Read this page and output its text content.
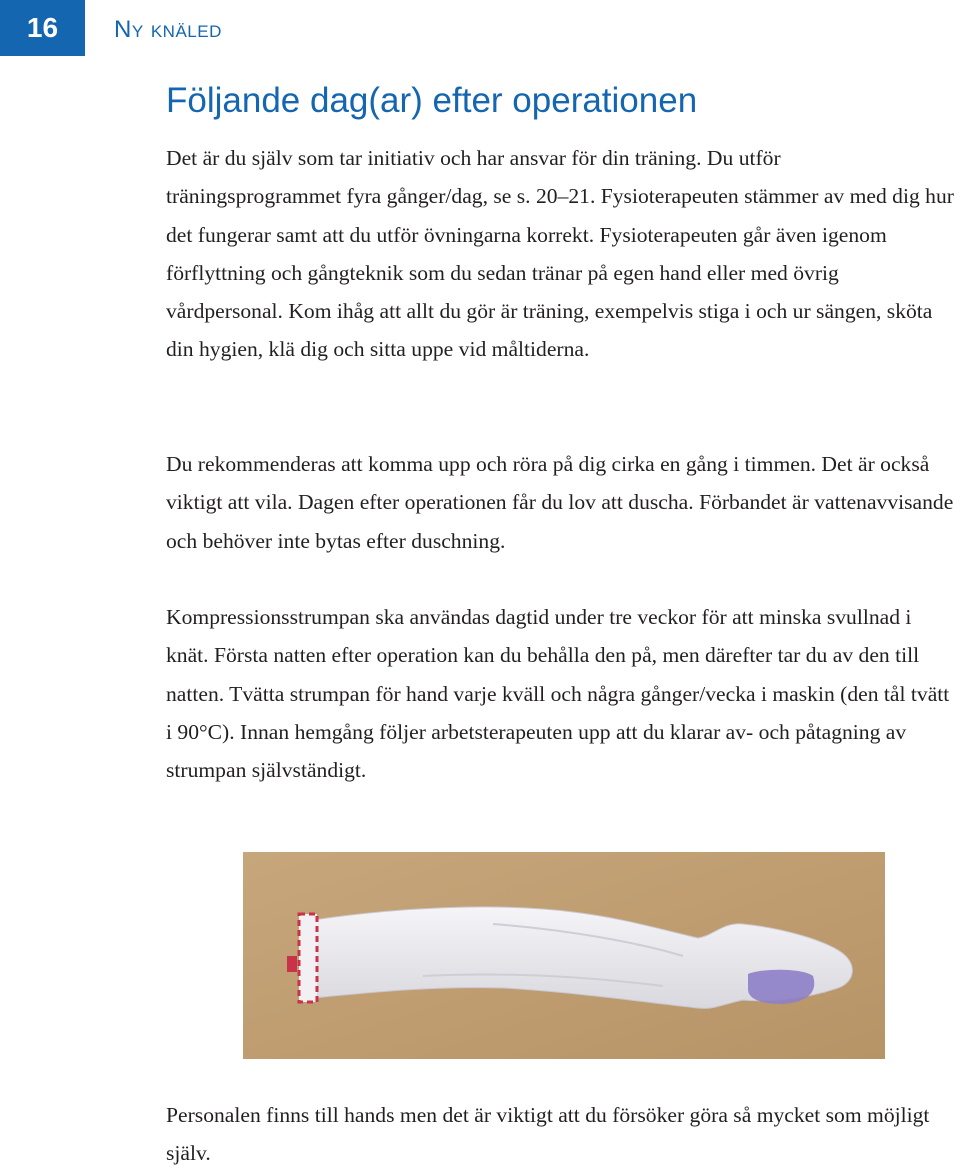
16 Ny knäled
Följande dag(ar) efter operationen

Det är du själv som tar initiativ och har ansvar för din träning. Du utför träningsprogrammet fyra gånger/dag, se s. 20–21. Fysioterapeuten stämmer av med dig hur det fungerar samt att du utför övningarna korrekt. Fysioterapeuten går även igenom förflyttning och gångteknik som du sedan tränar på egen hand eller med övrig vårdpersonal. Kom ihåg att allt du gör är träning, exempelvis stiga i och ur sängen, sköta din hygien, klä dig och sitta uppe vid måltiderna.

Du rekommenderas att komma upp och röra på dig cirka en gång i timmen. Det är också viktigt att vila. Dagen efter operationen får du lov att duscha. Förbandet är vattenavvisande och behöver inte bytas efter duschning.

Kompressionsstrumpan ska användas dagtid under tre veckor för att minska svullnad i knät. Första natten efter operation kan du behålla den på, men därefter tar du av den till natten. Tvätta strumpan för hand varje kväll och några gånger/vecka i maskin (den tål tvätt i 90°C). Innan hemgång följer arbetsterapeuten upp att du klarar av- och påtagning av strumpan självständigt.

Personalen finns till hands men det är viktigt att du försöker göra så mycket som möjligt själv.
